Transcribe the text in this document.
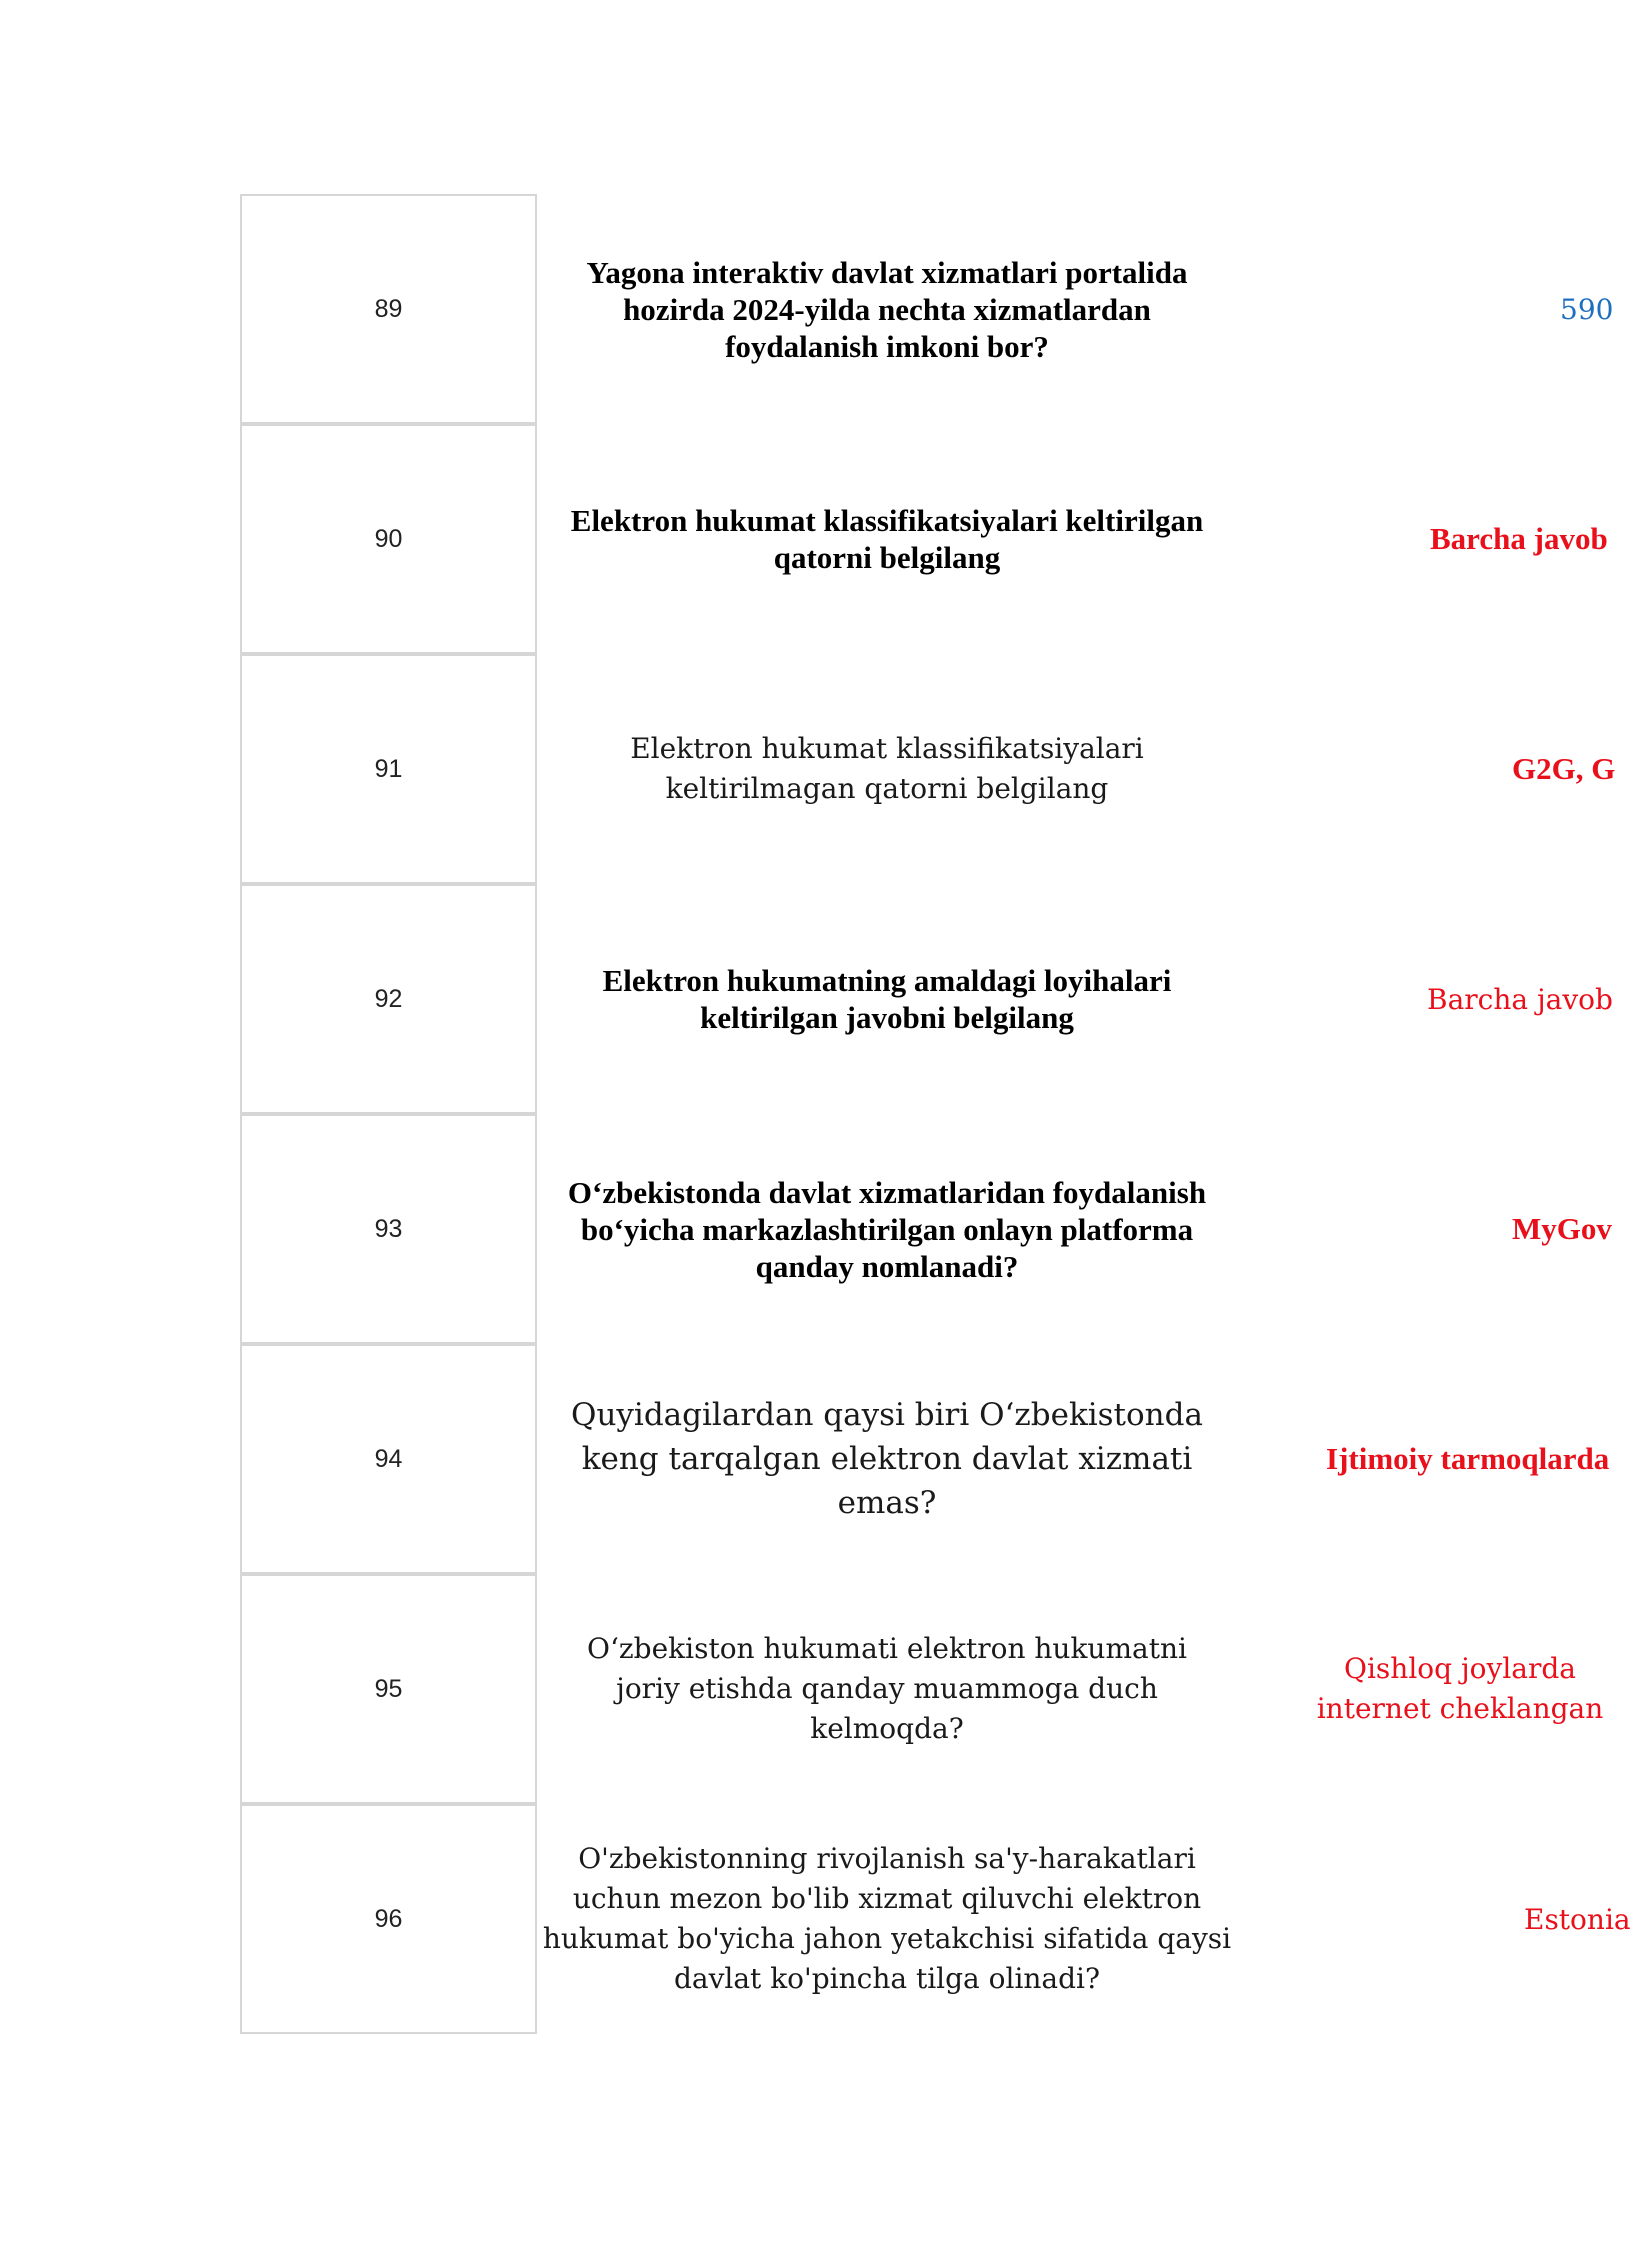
89
Yagona interaktiv davlat xizmatlari portalida hozirda 2024-yilda nechta xizmatlardan foydalanish imkoni bor?
590
90
Elektron hukumat klassifikatsiyalari keltirilgan qatorni belgilang
Barcha javob
91
Elektron hukumat klassifikatsiyalari keltirilmagan qatorni belgilang
G2G, G
92
Elektron hukumatning amaldagi loyihalari keltirilgan javobni belgilang
Barcha javob
93
O‘zbekistonda davlat xizmatlaridan foydalanish bo‘yicha markazlashtirilgan onlayn platforma qanday nomlanadi?
MyGov
94
Quyidagilardan qaysi biri O‘zbekistonda keng tarqalgan elektron davlat xizmati emas?
Ijtimoiy tarmoqlarda
95
O‘zbekiston hukumati elektron hukumatni joriy etishda qanday muammoga duch kelmoqda?
Qishloq joylarda internet cheklangan
96
O'zbekistonning rivojlanish sa'y-harakatlari uchun mezon bo'lib xizmat qiluvchi elektron hukumat bo'yicha jahon yetakchisi sifatida qaysi davlat ko'pincha tilga olinadi?
Estonia
